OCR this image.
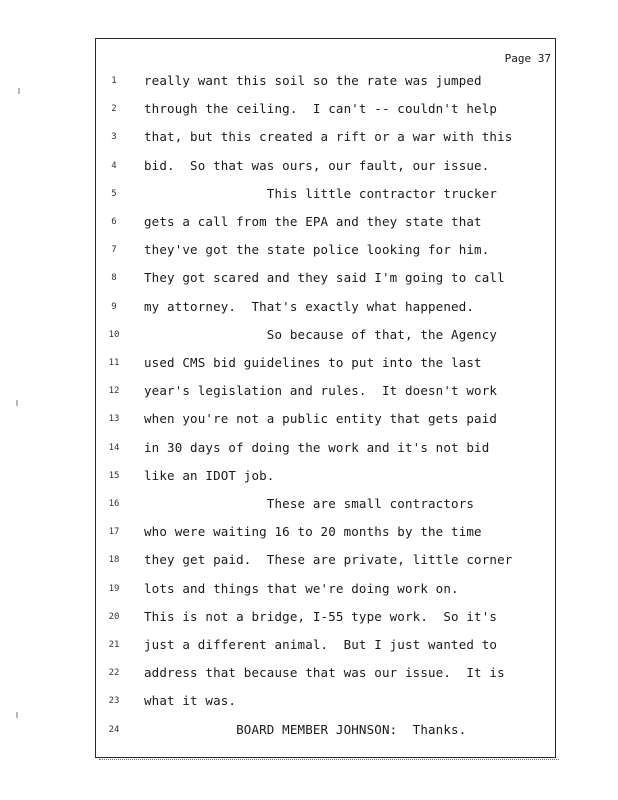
Page 37
1	really want this soil so the rate was jumped
2	through the ceiling.  I can't -- couldn't help
3	that, but this created a rift or a war with this
4	bid.  So that was ours, our fault, our issue.
5	This little contractor trucker
6	gets a call from the EPA and they state that
7	they've got the state police looking for him.
8	They got scared and they said I'm going to call
9	my attorney.  That's exactly what happened.
10	So because of that, the Agency
11	used CMS bid guidelines to put into the last
12	year's legislation and rules.  It doesn't work
13	when you're not a public entity that gets paid
14	in 30 days of doing the work and it's not bid
15	like an IDOT job.
16	These are small contractors
17	who were waiting 16 to 20 months by the time
18	they get paid.  These are private, little corner
19	lots and things that we're doing work on.
20	This is not a bridge, I-55 type work.  So it's
21	just a different animal.  But I just wanted to
22	address that because that was our issue.  It is
23	what it was.
24	BOARD MEMBER JOHNSON:  Thanks.
